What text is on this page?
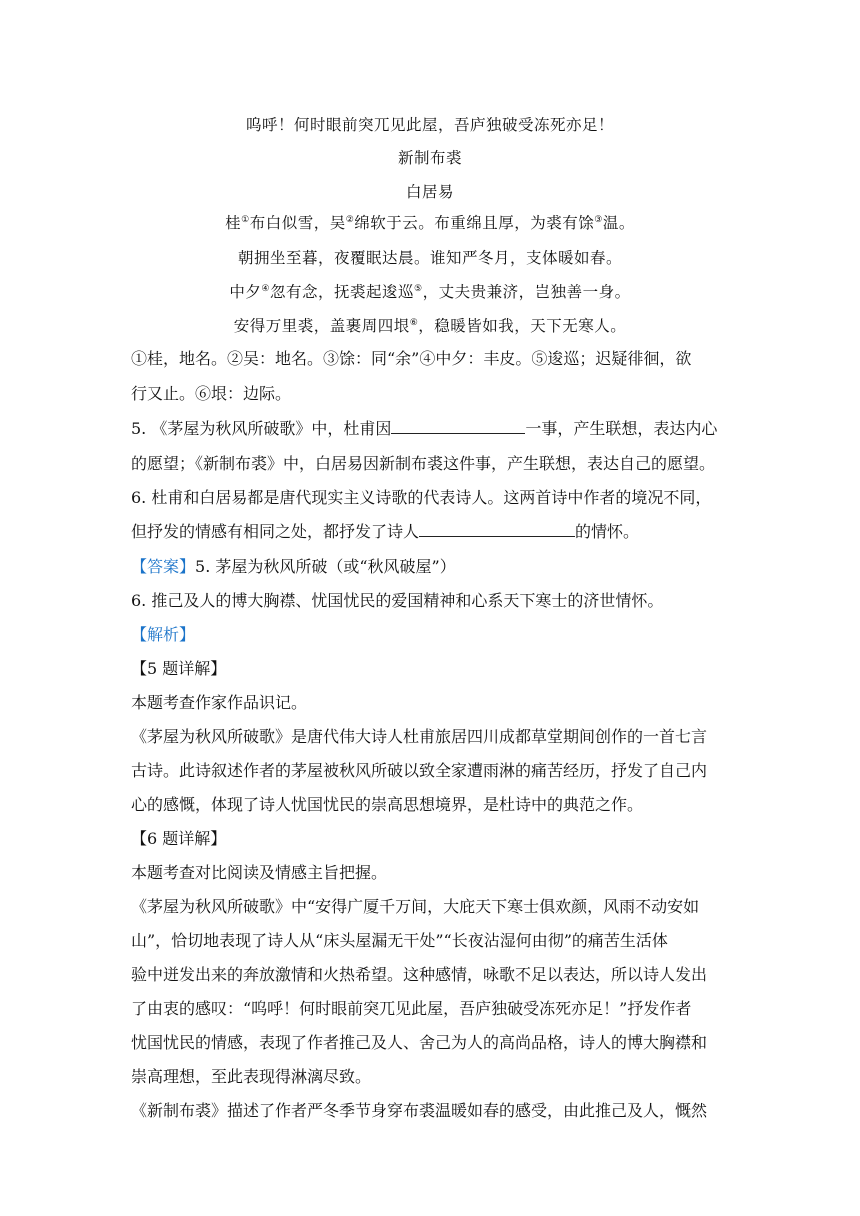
呜呼！何时眼前突兀见此屋，吾庐独破受冻死亦足！
新制布裘
白居易
桂①布白似雪，吴②绵软于云。布重绵且厚，为裘有馀③温。
朝拥坐至暮，夜覆眠达晨。谁知严冬月，支体暖如春。
中夕④忽有念，抚裘起逡巡⑤，丈夫贵兼济，岂独善一身。
安得万里裘，盖裹周四垠⑥，稳暖皆如我，天下无寒人。
①桂，地名。②吴：地名。③馀：同“余”④中夕：丰皮。⑤逡巡；迟疑徘徊，欲
行又止。⑥垠：边际。
5. 《茅屋为秋风所破歌》中，杜甫因	一事，产生联想，表达内心
的愿望；《新制布裘》中，白居易因新制布裘这件事，产生联想，表达自己的愿望。
6. 杜甫和白居易都是唐代现实主义诗歌的代表诗人。这两首诗中作者的境况不同，
但抒发的情感有相同之处，都抒发了诗人	的情怀。
【答案】5. 茅屋为秋风所破（或“秋风破屋”）
6. 推己及人的博大胸襟、忧国忧民的爱国精神和心系天下寒士的济世情怀。
【解析】
【5 题详解】
本题考查作家作品识记。
《茅屋为秋风所破歌》是唐代伟大诗人杜甫旅居四川成都草堂期间创作的一首七言
古诗。此诗叙述作者的茅屋被秋风所破以致全家遭雨淋的痛苦经历，抒发了自己内
心的感慨，体现了诗人忧国忧民的崇高思想境界，是杜诗中的典范之作。
【6 题详解】
本题考查对比阅读及情感主旨把握。
《茅屋为秋风所破歌》中“安得广厦千万间，大庇天下寒士俱欢颜，风雨不动安如
山”，恰切地表现了诗人从“床头屋漏无干处”“长夜沾湿何由彻”的痛苦生活体
验中迸发出来的奔放激情和火热希望。这种感情，咏歌不足以表达，所以诗人发出
了由衷的感叹：“呜呼！何时眼前突兀见此屋，吾庐独破受冻死亦足！”抒发作者
忧国忧民的情感，表现了作者推己及人、舍己为人的高尚品格，诗人的博大胸襟和
崇高理想，至此表现得淋漓尽致。
《新制布裘》描述了作者严冬季节身穿布裘温暖如春的感受，由此推己及人，慨然
